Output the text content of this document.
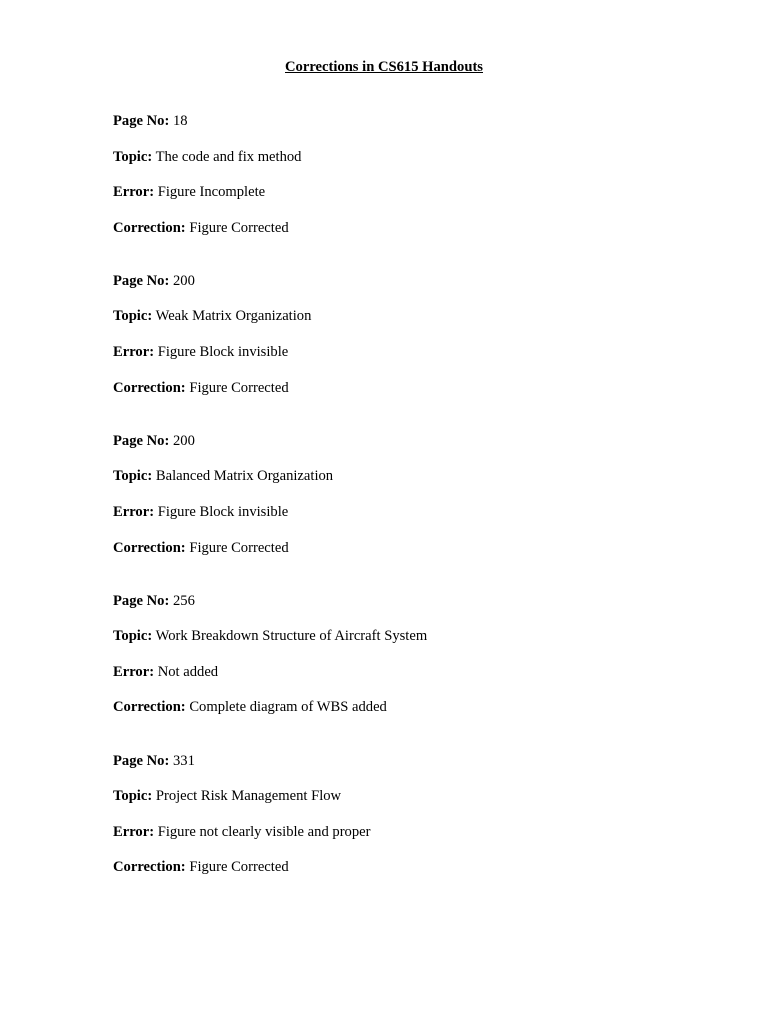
Corrections in CS615 Handouts
Page No: 18
Topic: The code and fix method
Error: Figure Incomplete
Correction: Figure Corrected
Page No: 200
Topic: Weak Matrix Organization
Error: Figure Block invisible
Correction: Figure Corrected
Page No: 200
Topic: Balanced Matrix Organization
Error: Figure Block invisible
Correction: Figure Corrected
Page No: 256
Topic: Work Breakdown Structure of Aircraft System
Error: Not added
Correction: Complete diagram of WBS added
Page No: 331
Topic: Project Risk Management Flow
Error: Figure not clearly visible and proper
Correction: Figure Corrected
